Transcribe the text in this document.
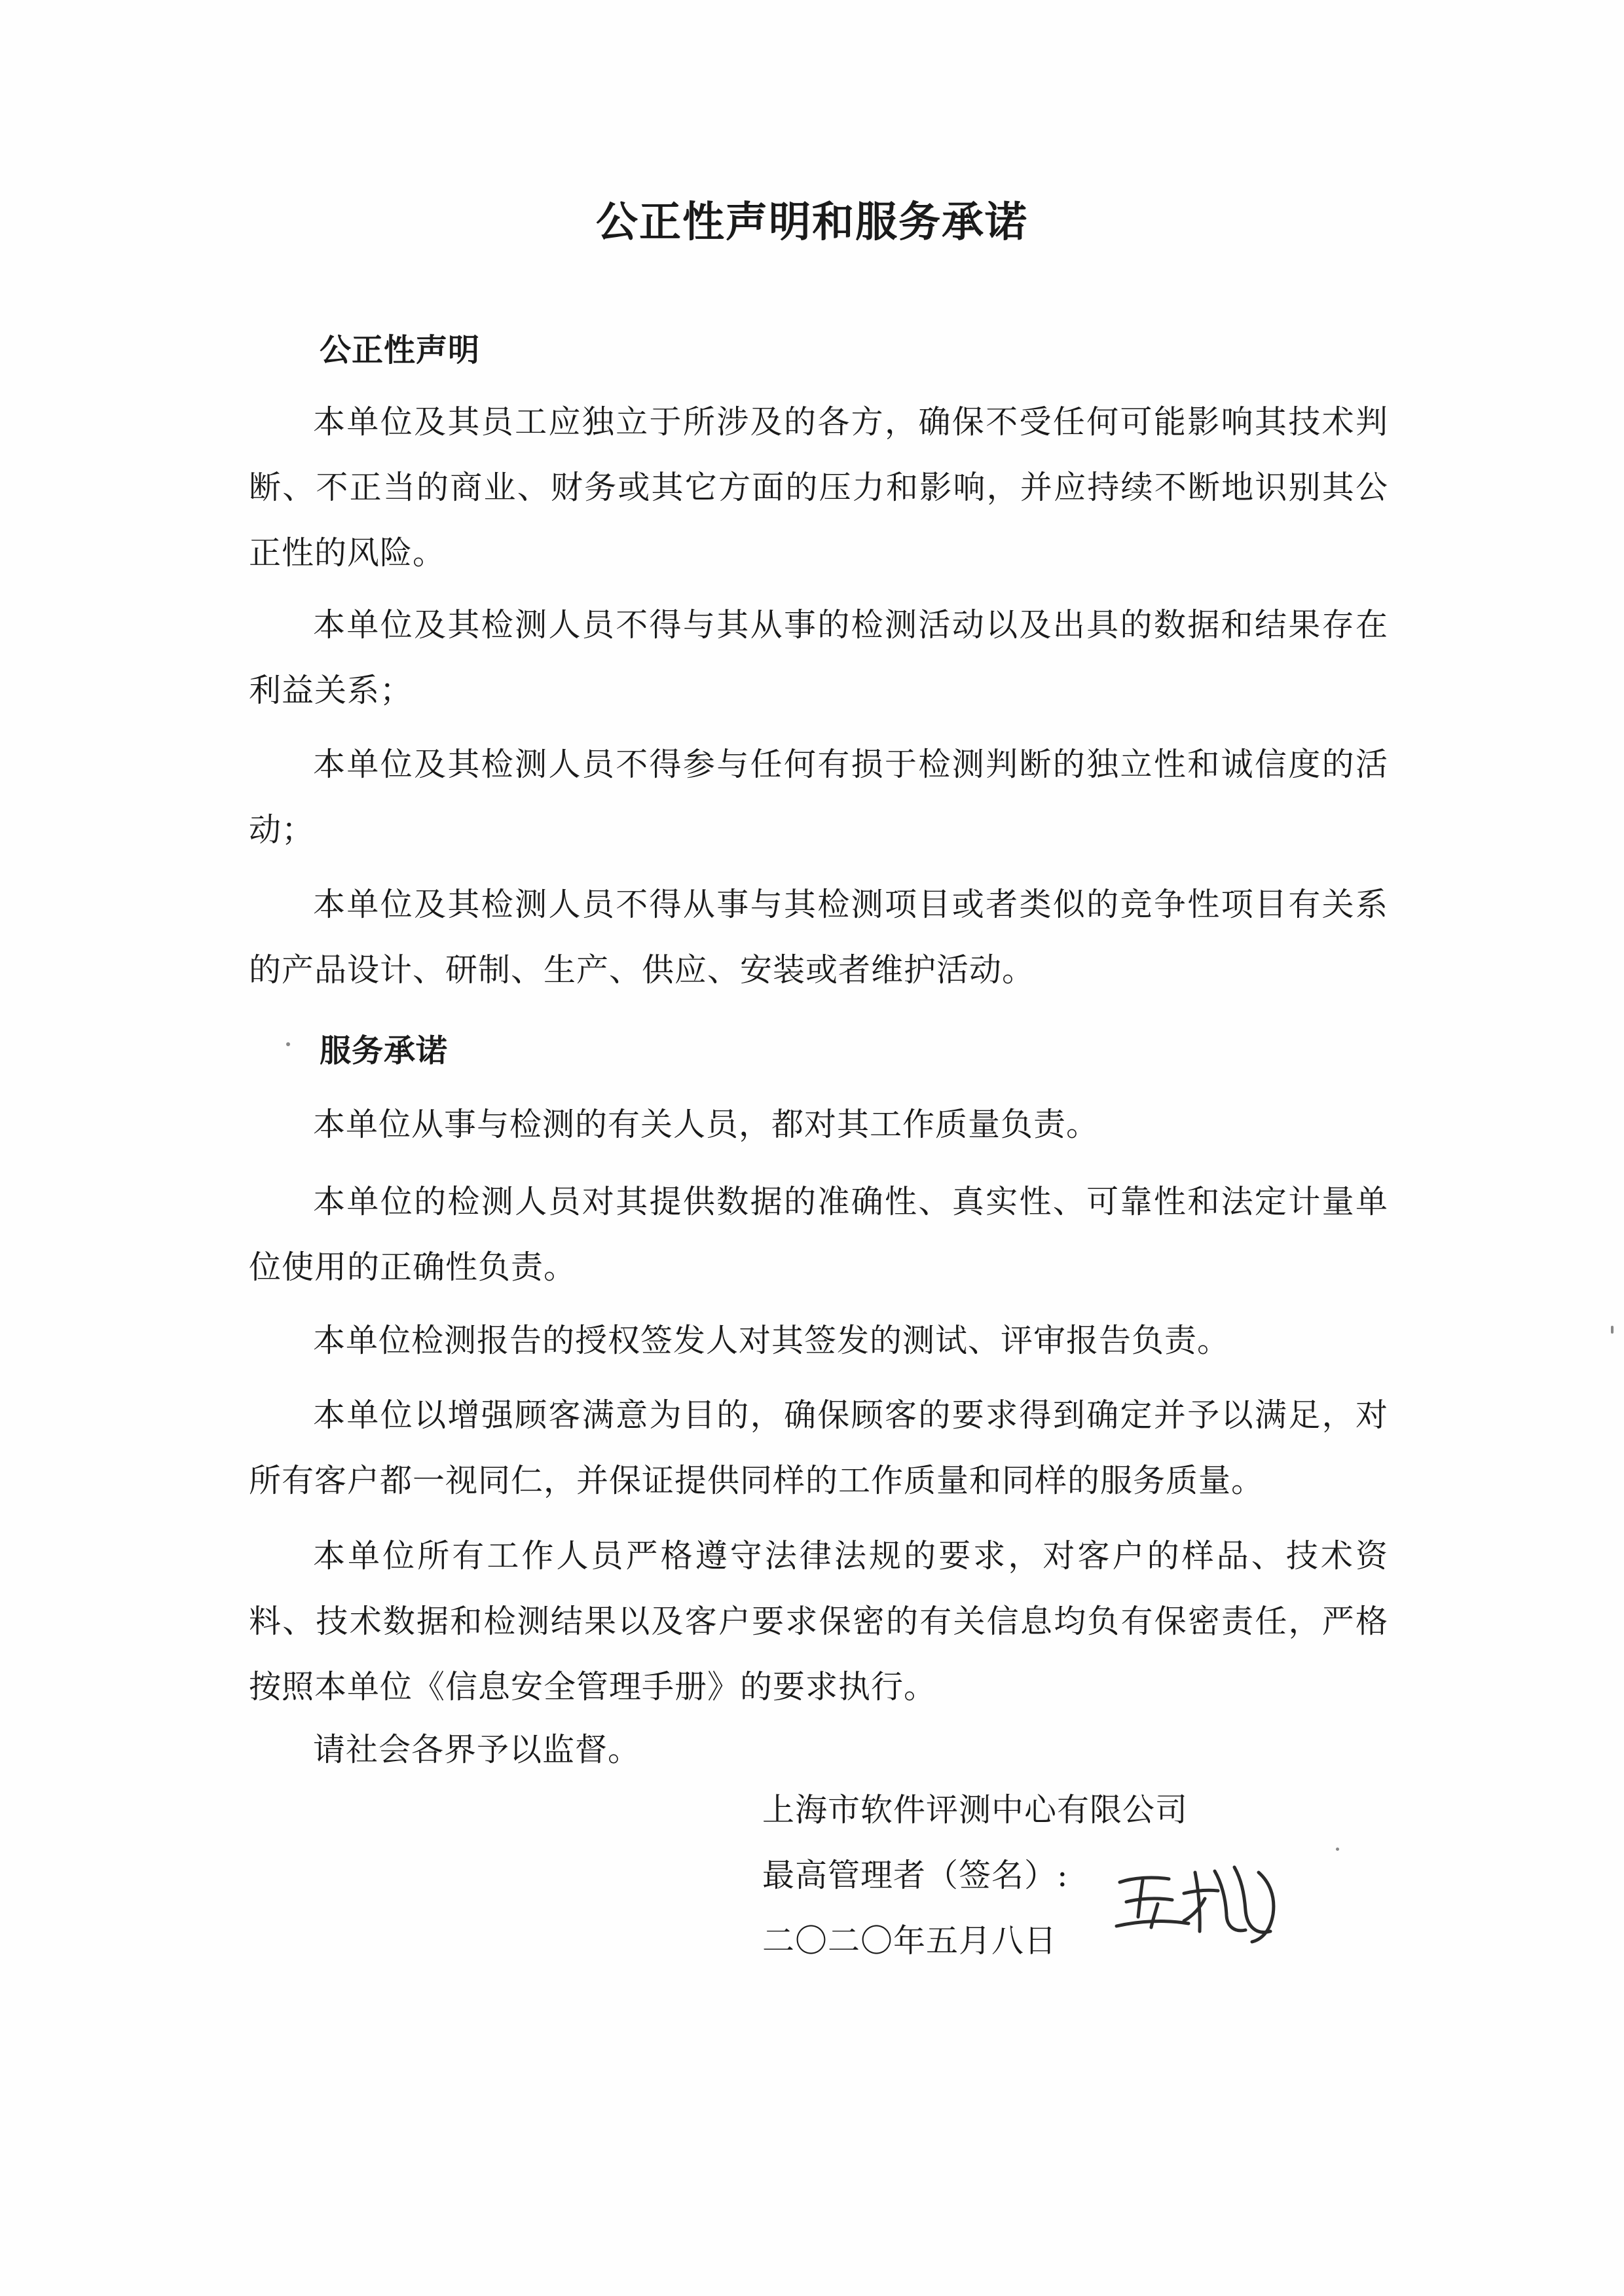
公正性声明和服务承诺
公正性声明

本单位及其员工应独立于所涉及的各方，确保不受任何可能影响其技术判断、不正当的商业、财务或其它方面的压力和影响，并应持续不断地识别其公正性的风险。

本单位及其检测人员不得与其从事的检测活动以及出具的数据和结果存在利益关系；

本单位及其检测人员不得参与任何有损于检测判断的独立性和诚信度的活动；

本单位及其检测人员不得从事与其检测项目或者类似的竞争性项目有关系的产品设计、研制、生产、供应、安装或者维护活动。

服务承诺

本单位从事与检测的有关人员，都对其工作质量负责。

本单位的检测人员对其提供数据的准确性、真实性、可靠性和法定计量单位使用的正确性负责。

本单位检测报告的授权签发人对其签发的测试、评审报告负责。

本单位以增强顾客满意为目的，确保顾客的要求得到确定并予以满足，对所有客户都一视同仁，并保证提供同样的工作质量和同样的服务质量。

本单位所有工作人员严格遵守法律法规的要求，对客户的样品、技术资料、技术数据和检测结果以及客户要求保密的有关信息均负有保密责任，严格按照本单位《信息安全管理手册》的要求执行。

请社会各界予以监督。

上海市软件评测中心有限公司
最高管理者（签名）:
二〇二〇年五月八日
